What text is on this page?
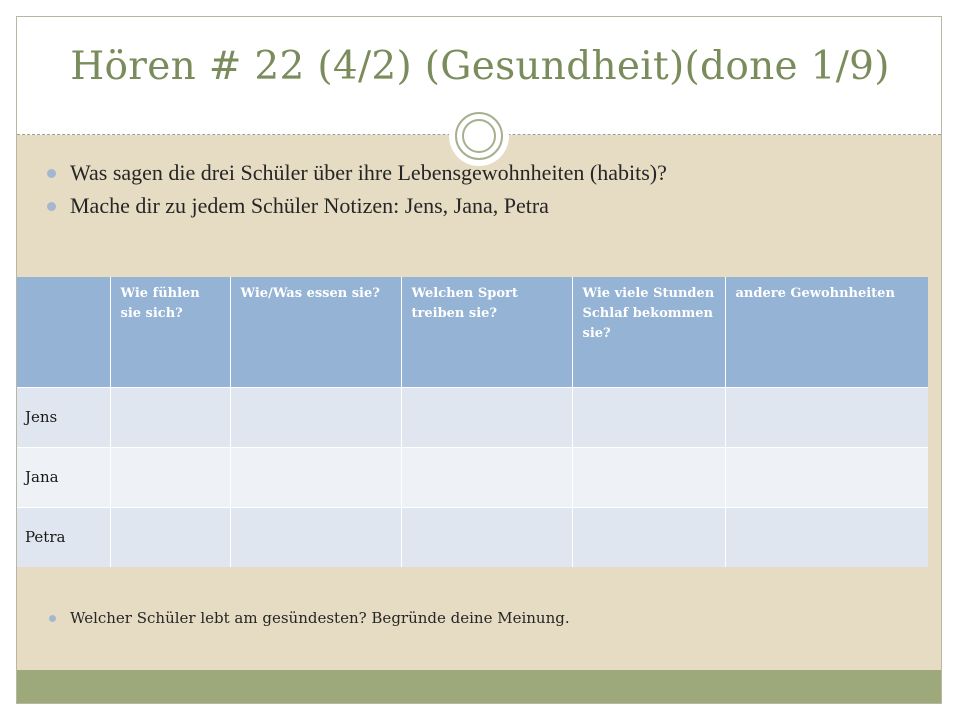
Hören # 22 (4/2) (Gesundheit)(done 1/9)
Was sagen die drei Schüler über ihre Lebensgewohnheiten (habits)?
Mache dir zu jedem Schüler Notizen: Jens, Jana, Petra
	Wie fühlen sie sich?	Wie/Was essen sie?	Welchen Sport treiben sie?	Wie viele Stunden Schlaf bekommen sie?	andere Gewohnheiten
Jens					
Jana					
Petra					
Welcher Schüler lebt am gesündesten? Begründe deine Meinung.
